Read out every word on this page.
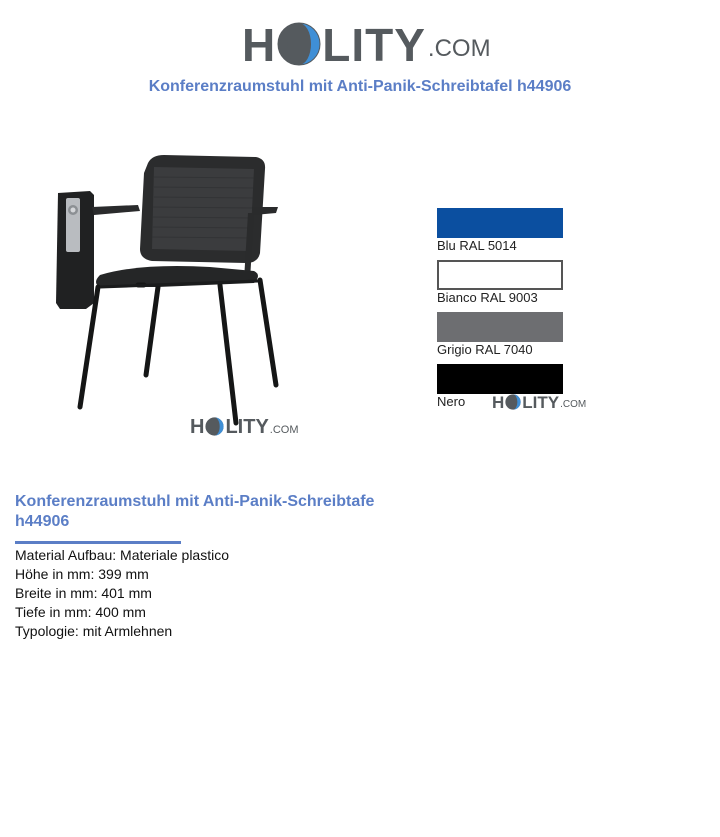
H LITY .COM
Konferenzraumstuhl mit Anti-Panik-Schreibtafel h44906
H LITY .COM
Blu RAL 5014
Bianco RAL 9003
Grigio RAL 7040
Nero	H LITY .COM
Konferenzraumstuhl mit Anti-Panik-Schreibtafe
h44906
Material Aufbau: Materiale plastico
Höhe in mm: 399 mm
Breite in mm: 401 mm
Tiefe in mm: 400 mm
Typologie: mit Armlehnen
